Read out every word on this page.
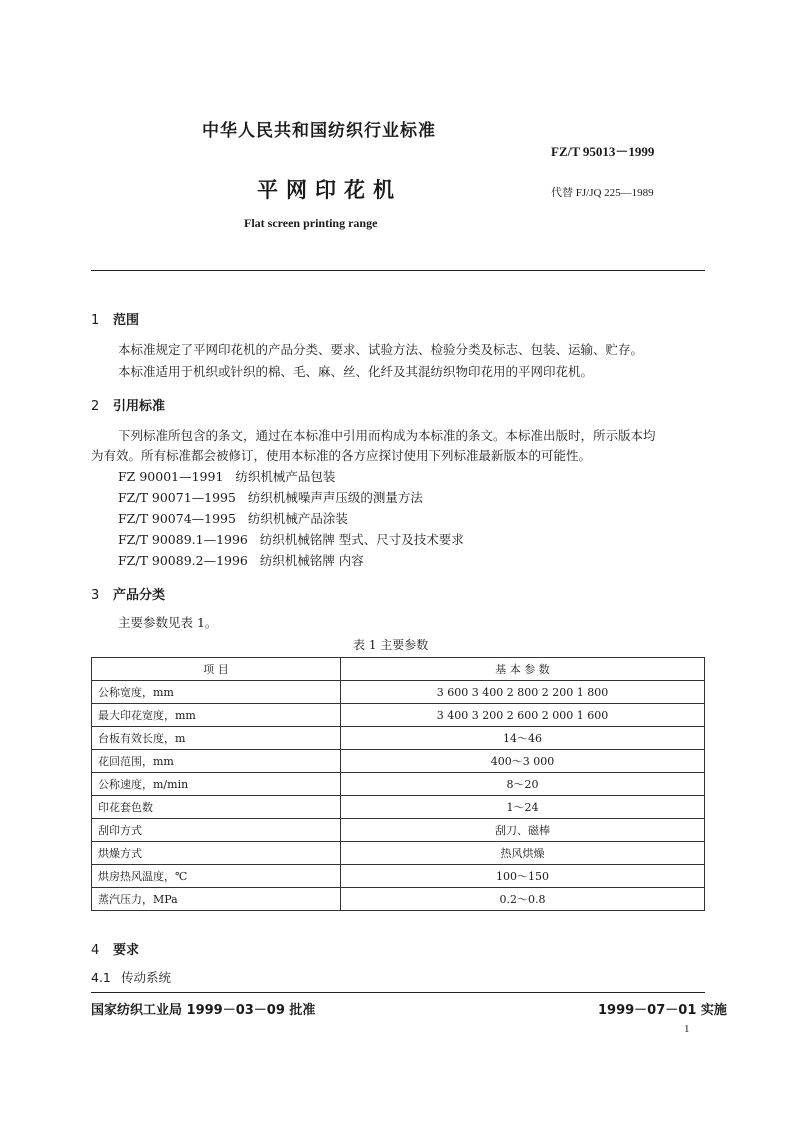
中华人民共和国纺织行业标准
FZ/T 95013－1999
平网印花机	代替 FJ/JQ 225—1989
Flat screen printing range
1 范围
本标准规定了平网印花机的产品分类、要求、试验方法、检验分类及标志、包装、运输、贮存。
本标准适用于机织或针织的棉、毛、麻、丝、化纤及其混纺织物印花用的平网印花机。
2 引用标准
下列标准所包含的条文，通过在本标准中引用而构成为本标准的条文。本标准出版时，所示版本均
为有效。所有标准都会被修订，使用本标准的各方应探讨使用下列标准最新版本的可能性。
FZ 90001—1991 纺织机械产品包装
FZ/T 90071—1995 纺织机械噪声声压级的测量方法
FZ/T 90074—1995 纺织机械产品涂装
FZ/T 90089.1—1996 纺织机械铭牌 型式、尺寸及技术要求
FZ/T 90089.2—1996 纺织机械铭牌 内容
3 产品分类
主要参数见表 1。
表 1 主要参数
项 目	基 本 参 数
公称宽度，mm	3 600 3 400 2 800 2 200 1 800
最大印花宽度，mm	3 400 3 200 2 600 2 000 1 600
台板有效长度，m	14～46
花回范围，mm	400～3 000
公称速度，m/min	8～20
印花套色数	1～24
刮印方式	刮刀、磁棒
烘燥方式	热风烘燥
烘房热风温度，℃	100～150
蒸汽压力，MPa	0.2～0.8
4 要求
4.1 传动系统
国家纺织工业局 1999－03－09 批准	1999－07－01 实施
1
